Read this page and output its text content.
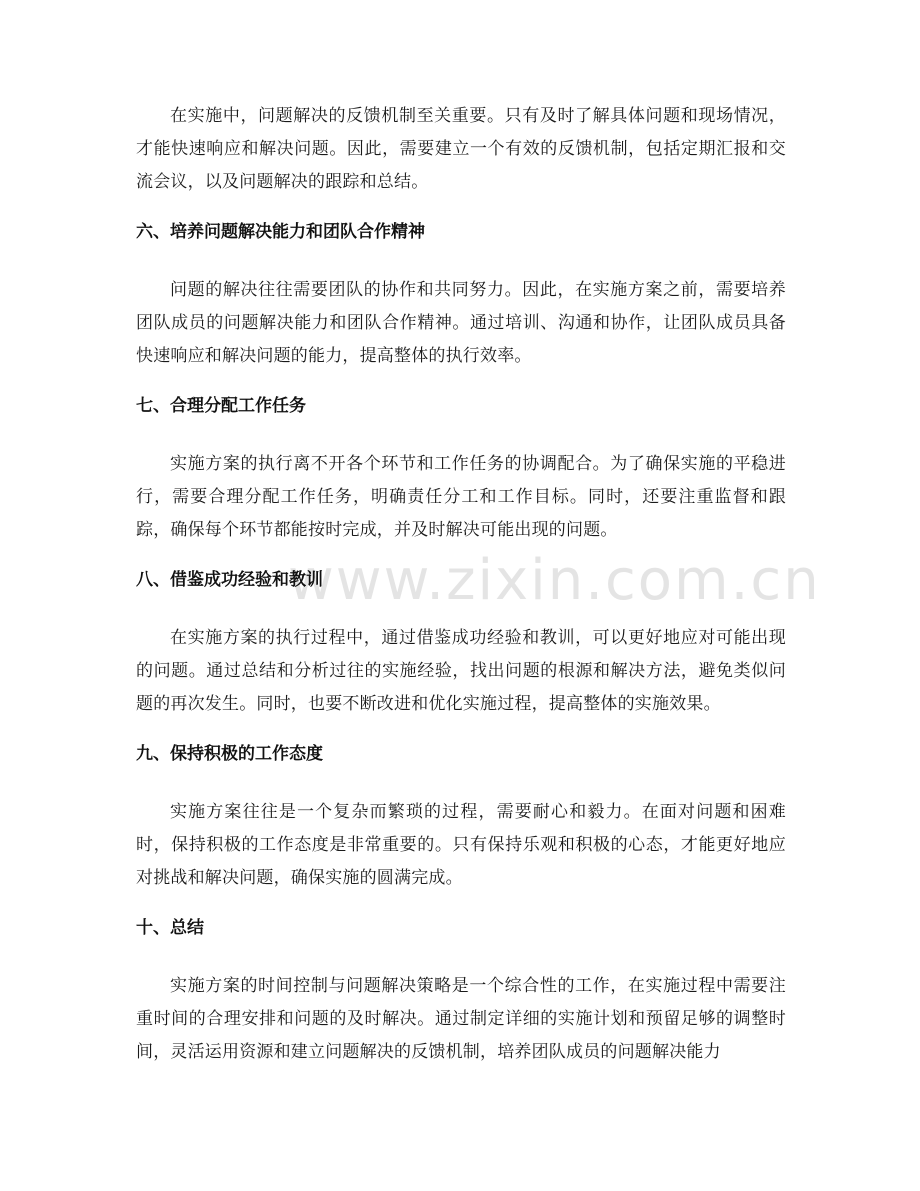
www.zixin.com.cn

在实施中，问题解决的反馈机制至关重要。只有及时了解具体问题和现场情况，才能快速响应和解决问题。因此，需要建立一个有效的反馈机制，包括定期汇报和交流会议，以及问题解决的跟踪和总结。

六、培养问题解决能力和团队合作精神

问题的解决往往需要团队的协作和共同努力。因此，在实施方案之前，需要培养团队成员的问题解决能力和团队合作精神。通过培训、沟通和协作，让团队成员具备快速响应和解决问题的能力，提高整体的执行效率。

七、合理分配工作任务

实施方案的执行离不开各个环节和工作任务的协调配合。为了确保实施的平稳进行，需要合理分配工作任务，明确责任分工和工作目标。同时，还要注重监督和跟踪，确保每个环节都能按时完成，并及时解决可能出现的问题。

八、借鉴成功经验和教训

在实施方案的执行过程中，通过借鉴成功经验和教训，可以更好地应对可能出现的问题。通过总结和分析过往的实施经验，找出问题的根源和解决方法，避免类似问题的再次发生。同时，也要不断改进和优化实施过程，提高整体的实施效果。

九、保持积极的工作态度

实施方案往往是一个复杂而繁琐的过程，需要耐心和毅力。在面对问题和困难时，保持积极的工作态度是非常重要的。只有保持乐观和积极的心态，才能更好地应对挑战和解决问题，确保实施的圆满完成。

十、总结

实施方案的时间控制与问题解决策略是一个综合性的工作，在实施过程中需要注重时间的合理安排和问题的及时解决。通过制定详细的实施计划和预留足够的调整时间，灵活运用资源和建立问题解决的反馈机制，培养团队成员的问题解决能力
